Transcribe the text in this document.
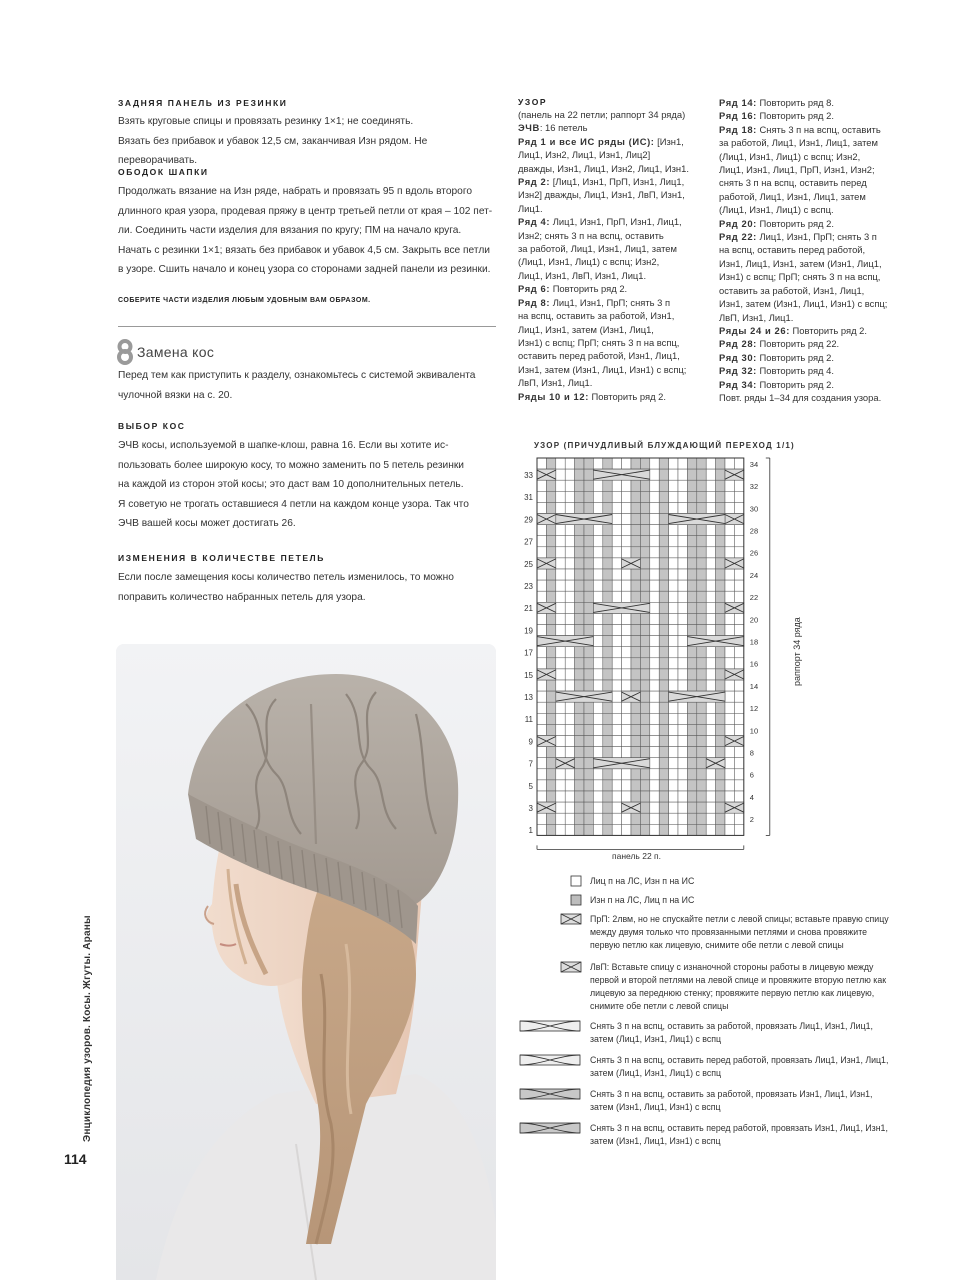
ЗАДНЯЯ ПАНЕЛЬ ИЗ РЕЗИНКИ

Взять круговые спицы и провязать резинку 1×1; не соединять.

Вязать без прибавок и убавок 12,5 см, заканчивая Изн рядом. Не переворачивать.

ОБОДОК ШАПКИ

Продолжать вязание на Изн ряде, набрать и провязать 95 п вдоль второго

длинного края узора, продевая пряжу в центр третьей петли от края – 102 пет-

ли. Соединить части изделия для вязания по кругу; ПМ на начало круга.

Начать с резинки 1×1; вязать без прибавок и убавок 4,5 см. Закрыть все петли

в узоре. Сшить начало и конец узора со сторонами задней панели из резинки.

СОБЕРИТЕ ЧАСТИ ИЗДЕЛИЯ ЛЮБЫМ УДОБНЫМ ВАМ ОБРАЗОМ.
Замена кос

Перед тем как приступить к разделу, ознакомьтесь с системой эквивалента

чулочной вязки на с. 20.

ВЫБОР КОС

ЭЧВ косы, используемой в шапке-клош, равна 16. Если вы хотите ис-

пользовать более широкую косу, то можно заменить по 5 петель резинки

на каждой из сторон этой косы; это даст вам 10 дополнительных петель.

Я советую не трогать оставшиеся 4 петли на каждом конце узора. Так что

ЭЧВ вашей косы может достигать 26.

ИЗМЕНЕНИЯ В КОЛИЧЕСТВЕ ПЕТЕЛЬ

Если после замещения косы количество петель изменилось, то можно

поправить количество набранных петель для узора.

Энциклопедия узоров. Косы. Жгуты. Араны
114
УЗОР

(панель на 22 петли; раппорт 34 ряда)

ЭЧВ: 16 петель

Ряд 1 и все ИС ряды (ИС): [Изн1,

Лиц1, Изн2, Лиц1, Изн1, Лиц2]

дважды, Изн1, Лиц1, Изн2, Лиц1, Изн1.

Ряд 2: [Лиц1, Изн1, ПрП, Изн1, Лиц1,

Изн2] дважды, Лиц1, Изн1, ЛвП, Изн1,

Лиц1.

Ряд 4: Лиц1, Изн1, ПрП, Изн1, Лиц1,

Изн2; снять 3 п на вспц, оставить

за работой, Лиц1, Изн1, Лиц1, затем

(Лиц1, Изн1, Лиц1) с вспц; Изн2,

Лиц1, Изн1, ЛвП, Изн1, Лиц1.

Ряд 6: Повторить ряд 2.

Ряд 8: Лиц1, Изн1, ПрП; снять 3 п

на вспц, оставить за работой, Изн1,

Лиц1, Изн1, затем (Изн1, Лиц1,

Изн1) с вспц; ПрП; снять 3 п на вспц,

оставить перед работой, Изн1, Лиц1,

Изн1, затем (Изн1, Лиц1, Изн1) с вспц;

ЛвП, Изн1, Лиц1.

Ряды 10 и 12: Повторить ряд 2.

Ряд 14: Повторить ряд 8.

Ряд 16: Повторить ряд 2.

Ряд 18: Снять 3 п на вспц, оставить

за работой, Лиц1, Изн1, Лиц1, затем

(Лиц1, Изн1, Лиц1) с вспц; Изн2,

Лиц1, Изн1, Лиц1, ПрП, Изн1, Изн2;

снять 3 п на вспц, оставить перед

работой, Лиц1, Изн1, Лиц1, затем

(Лиц1, Изн1, Лиц1) с вспц.

Ряд 20: Повторить ряд 2.

Ряд 22: Лиц1, Изн1, ПрП; снять 3 п

на вспц, оставить перед работой,

Изн1, Лиц1, Изн1, затем (Изн1, Лиц1,

Изн1) с вспц; ПрП; снять 3 п на вспц,

оставить за работой, Изн1, Лиц1,

Изн1, затем (Изн1, Лиц1, Изн1) с вспц;

ЛвП, Изн1, Лиц1.

Ряды 24 и 26: Повторить ряд 2.

Ряд 28: Повторить ряд 22.

Ряд 30: Повторить ряд 2.

Ряд 32: Повторить ряд 4.

Ряд 34: Повторить ряд 2.

Повт. ряды 1–34 для создания узора.

УЗОР (ПРИЧУДЛИВЫЙ БЛУЖДАЮЩИЙ ПЕРЕХОД 1/1)
34
32
30
28
26
24
22
20
18
16
14
12
10
8
6
4
2
33
31
29
27
25
23
21
19
17
15
13
11
9
7
5
3
1
панель 22 п.
раппорт 34 ряда
Лиц п на ЛС, Изн п на ИС
Изн п на ЛС, Лиц п на ИС
ПрП: 2лвм, но не спускайте петли с левой спицы; вставьте правую спицу между двумя только что провязанными петлями и снова провяжите первую петлю как лицевую, снимите обе петли с левой спицы
ЛвП: Вставьте спицу с изнаночной стороны работы в лицевую между первой и второй петлями на левой спице и провяжите вторую петлю как лицевую за переднюю стенку; провяжите первую петлю как лицевую, снимите обе петли с левой спицы
Снять 3 п на вспц, оставить за работой, провязать Лиц1, Изн1, Лиц1, затем (Лиц1, Изн1, Лиц1) с вспц
Снять 3 п на вспц, оставить перед работой, провязать Лиц1, Изн1, Лиц1, затем (Лиц1, Изн1, Лиц1) с вспц
Снять 3 п на вспц, оставить за работой, провязать Изн1, Лиц1, Изн1, затем (Изн1, Лиц1, Изн1) с вспц
Снять 3 п на вспц, оставить перед работой, провязать Изн1, Лиц1, Изн1, затем (Изн1, Лиц1, Изн1) с вспц
